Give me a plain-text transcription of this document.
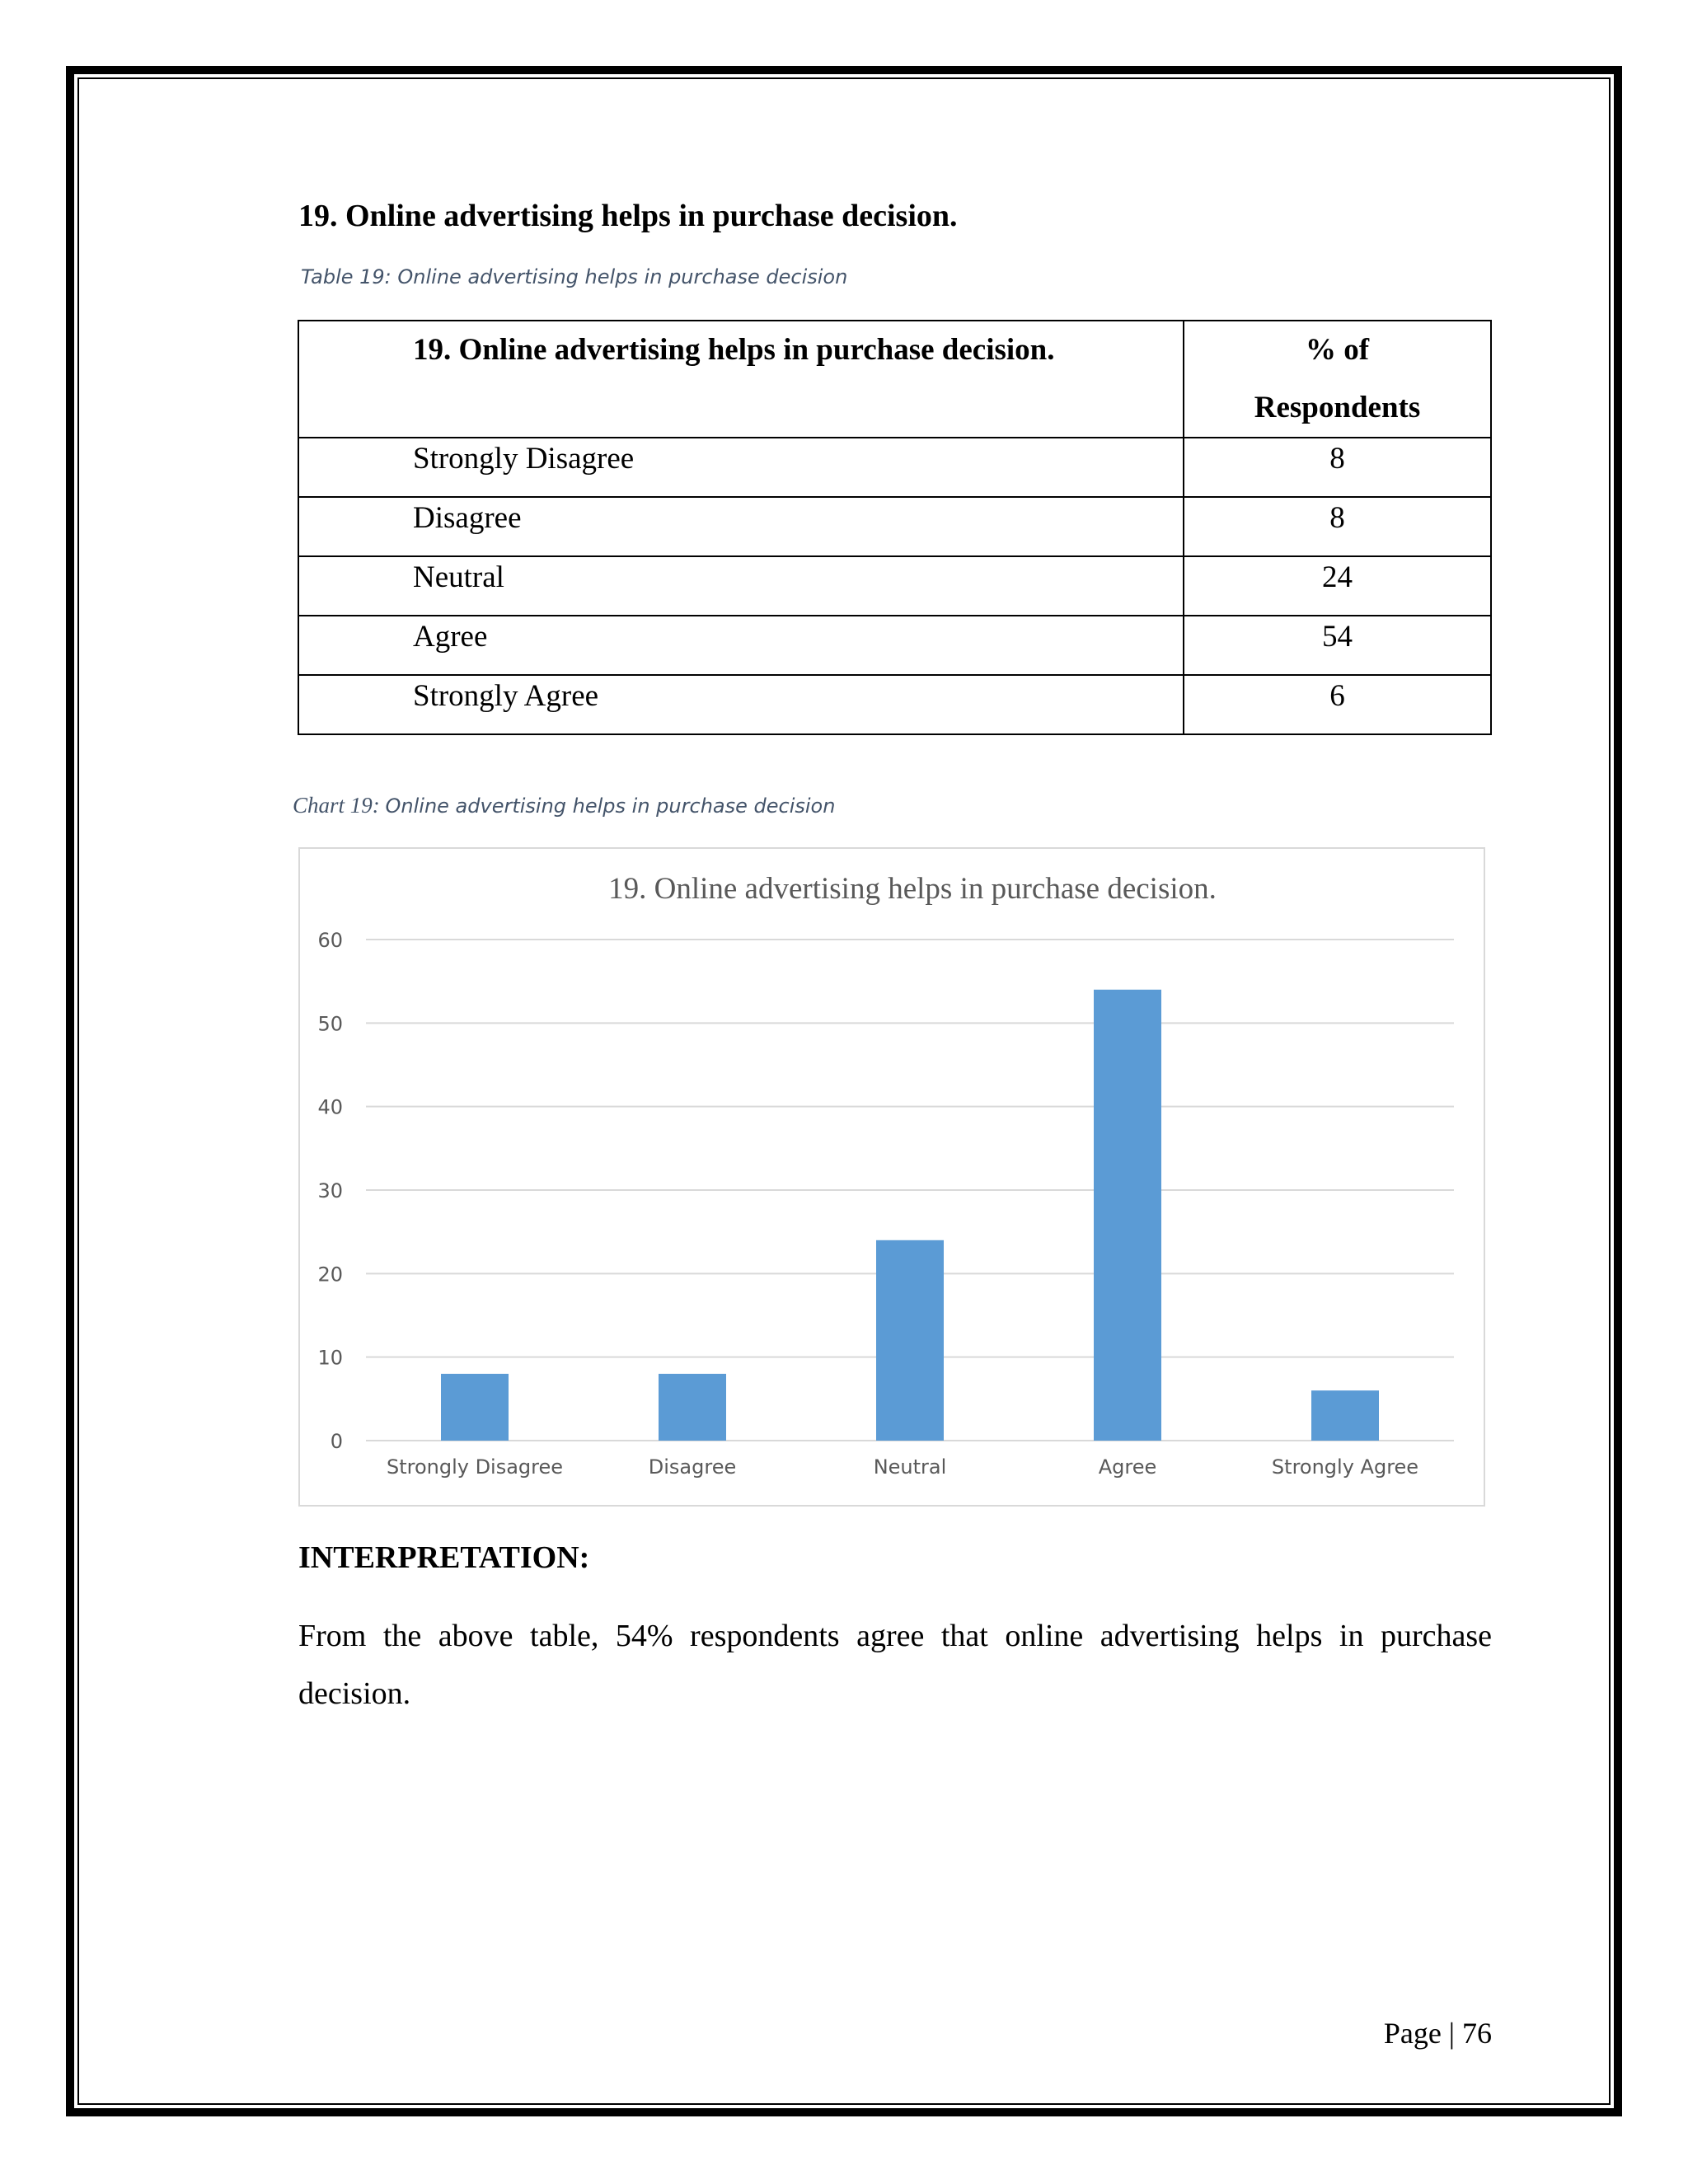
19. Online advertising helps in purchase decision.
Table 19: Online advertising helps in purchase decision
19. Online advertising helps in purchase decision.	% of
Respondents
Strongly Disagree	8
Disagree	8
Neutral	24
Agree	54
Strongly Agree	6
Chart 19: Online advertising helps in purchase decision
19. Online advertising helps in purchase decision.
0
10
20
30
40
50
60
Strongly Disagree	Disagree	Neutral	Agree	Strongly Agree
INTERPRETATION:
From the above table, 54% respondents agree that online advertising helps in purchase decision.
Page | 76
